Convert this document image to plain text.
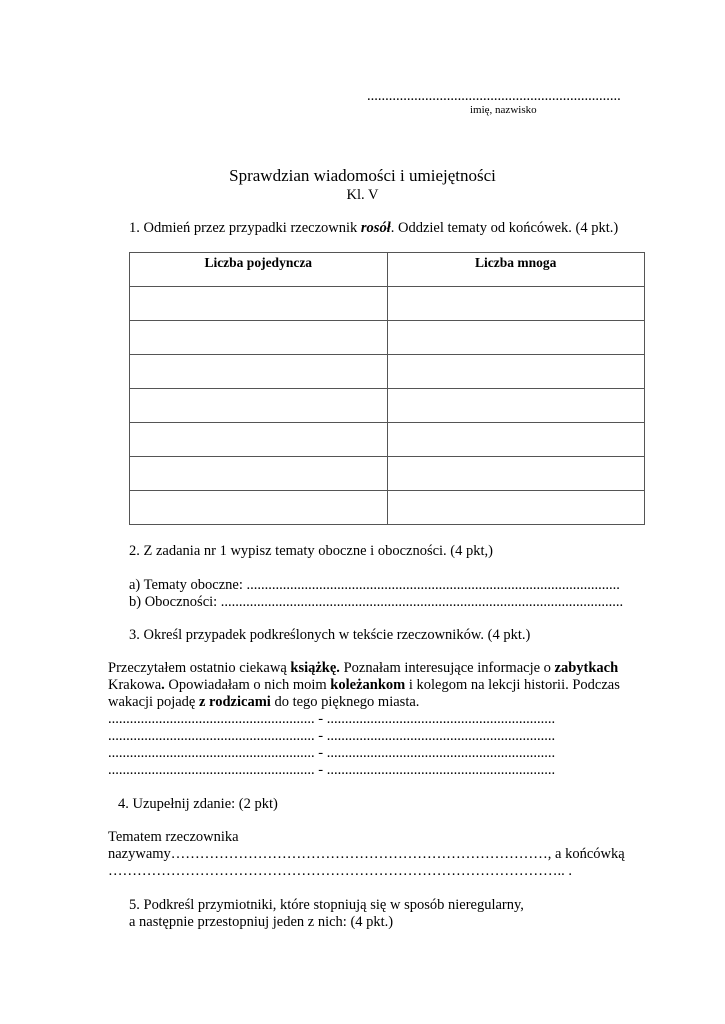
......................................................................
imię, nazwisko
Sprawdzian wiadomości i umiejętności
Kl. V
1. Odmień przez przypadki rzeczownik rosół. Oddziel tematy od końcówek. (4 pkt.)
Liczba pojedyncza	Liczba mnoga

2. Z zadania nr 1 wypisz tematy oboczne i oboczności. (4 pkt,)
a) Tematy oboczne: .......................................................................................................
b) Oboczności: ...............................................................................................................
3. Określ przypadek podkreślonych w tekście rzeczowników. (4 pkt.)
Przeczytałem ostatnio ciekawą książkę. Poznałam interesujące informacje o zabytkach
Krakowa. Opowiadałam o nich moim koleżankom i kolegom na lekcji historii. Podczas
wakacji pojadę z rodzicami do tego pięknego miasta.
......................................................... - ...............................................................
......................................................... - ...............................................................
......................................................... - ...............................................................
......................................................... - ...............................................................
4. Uzupełnij zdanie: (2 pkt)
Tematem rzeczownika
nazywamy……………………………………………………………………, a końcówką
………………………………………………………………………………….. .
5. Podkreśl przymiotniki, które stopniują się w sposób nieregularny,
a następnie przestopniuj jeden z nich: (4 pkt.)
